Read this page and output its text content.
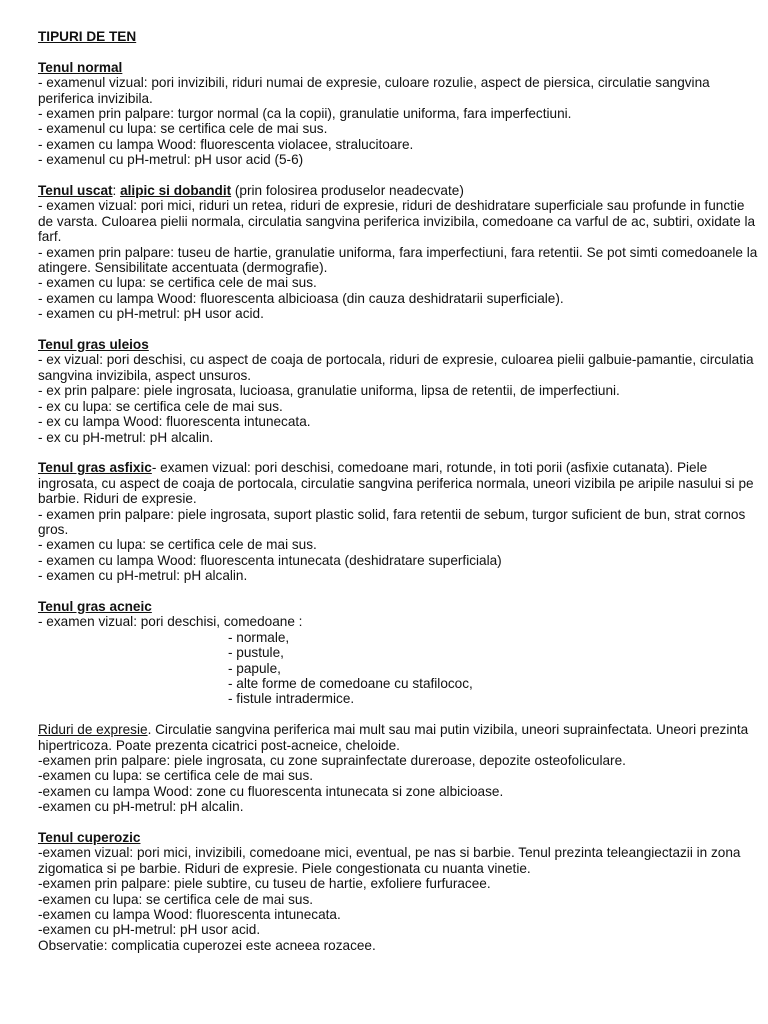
TIPURI DE TEN

Tenul normal

- examenul vizual: pori invizibili, riduri numai de expresie, culoare rozulie, aspect de piersica, circulatie sangvina periferica invizibila.

- examen prin palpare: turgor normal (ca la copii), granulatie uniforma, fara imperfectiuni.

- examenul cu lupa: se certifica cele de mai sus.

- examen cu lampa Wood: fluorescenta violacee, stralucitoare.

- examenul cu pH-metrul: pH usor acid (5-6)

Tenul uscat: alipic si dobandit (prin folosirea produselor neadecvate)

- examen vizual: pori mici, riduri un retea, riduri de expresie, riduri de deshidratare superficiale sau profunde in functie de varsta. Culoarea pielii normala, circulatia sangvina periferica invizibila, comedoane ca varful de ac, subtiri, oxidate la farf.

- examen prin palpare: tuseu de hartie, granulatie uniforma, fara imperfectiuni, fara retentii. Se pot simti comedoanele la atingere. Sensibilitate accentuata (dermografie).

- examen cu lupa: se certifica cele de mai sus.

- examen cu lampa Wood: fluorescenta albicioasa (din cauza deshidratarii superficiale).

- examen cu pH-metrul: pH usor acid.

Tenul gras uleios

- ex vizual: pori deschisi, cu aspect de coaja de portocala, riduri de expresie, culoarea pielii galbuie-pamantie, circulatia sangvina invizibila, aspect unsuros.

- ex prin palpare: piele ingrosata, lucioasa, granulatie uniforma, lipsa de retentii, de imperfectiuni.

- ex cu lupa: se certifica cele de mai sus.

- ex cu lampa Wood: fluorescenta intunecata.

- ex cu pH-metrul: pH alcalin.

Tenul gras asfixic- examen vizual: pori deschisi, comedoane mari, rotunde, in toti porii (asfixie cutanata). Piele ingrosata, cu aspect de coaja de portocala, circulatie sangvina periferica normala, uneori vizibila pe aripile nasului si pe barbie. Riduri de expresie.

- examen prin palpare: piele ingrosata, suport plastic solid, fara retentii de sebum, turgor suficient de bun, strat cornos gros.

- examen cu lupa: se certifica cele de mai sus.

- examen cu lampa Wood: fluorescenta intunecata (deshidratare superficiala)

- examen cu pH-metrul: pH alcalin.

Tenul gras acneic

- examen vizual: pori deschisi, comedoane :

- normale,

- pustule,

- papule,

- alte forme de comedoane cu stafilococ,

- fistule intradermice.

Riduri de expresie. Circulatie sangvina periferica mai mult sau mai putin vizibila, uneori suprainfectata. Uneori prezinta hipertricoza. Poate prezenta cicatrici post-acneice, cheloide.

-examen prin palpare: piele ingrosata, cu zone suprainfectate dureroase, depozite osteofoliculare.

-examen cu lupa: se certifica cele de mai sus.

-examen cu lampa Wood: zone cu fluorescenta intunecata si zone albicioase.

-examen cu pH-metrul: pH alcalin.

Tenul cuperozic

-examen vizual: pori mici, invizibili, comedoane mici, eventual, pe nas si barbie. Tenul prezinta teleangiectazii in zona zigomatica si pe barbie. Riduri de expresie. Piele congestionata cu nuanta vinetie.

-examen prin palpare: piele subtire, cu tuseu de hartie, exfoliere furfuracee.

-examen cu lupa: se certifica cele de mai sus.

-examen cu lampa Wood: fluorescenta intunecata.

-examen cu pH-metrul: pH usor acid.

Observatie: complicatia cuperozei este acneea rozacee.
